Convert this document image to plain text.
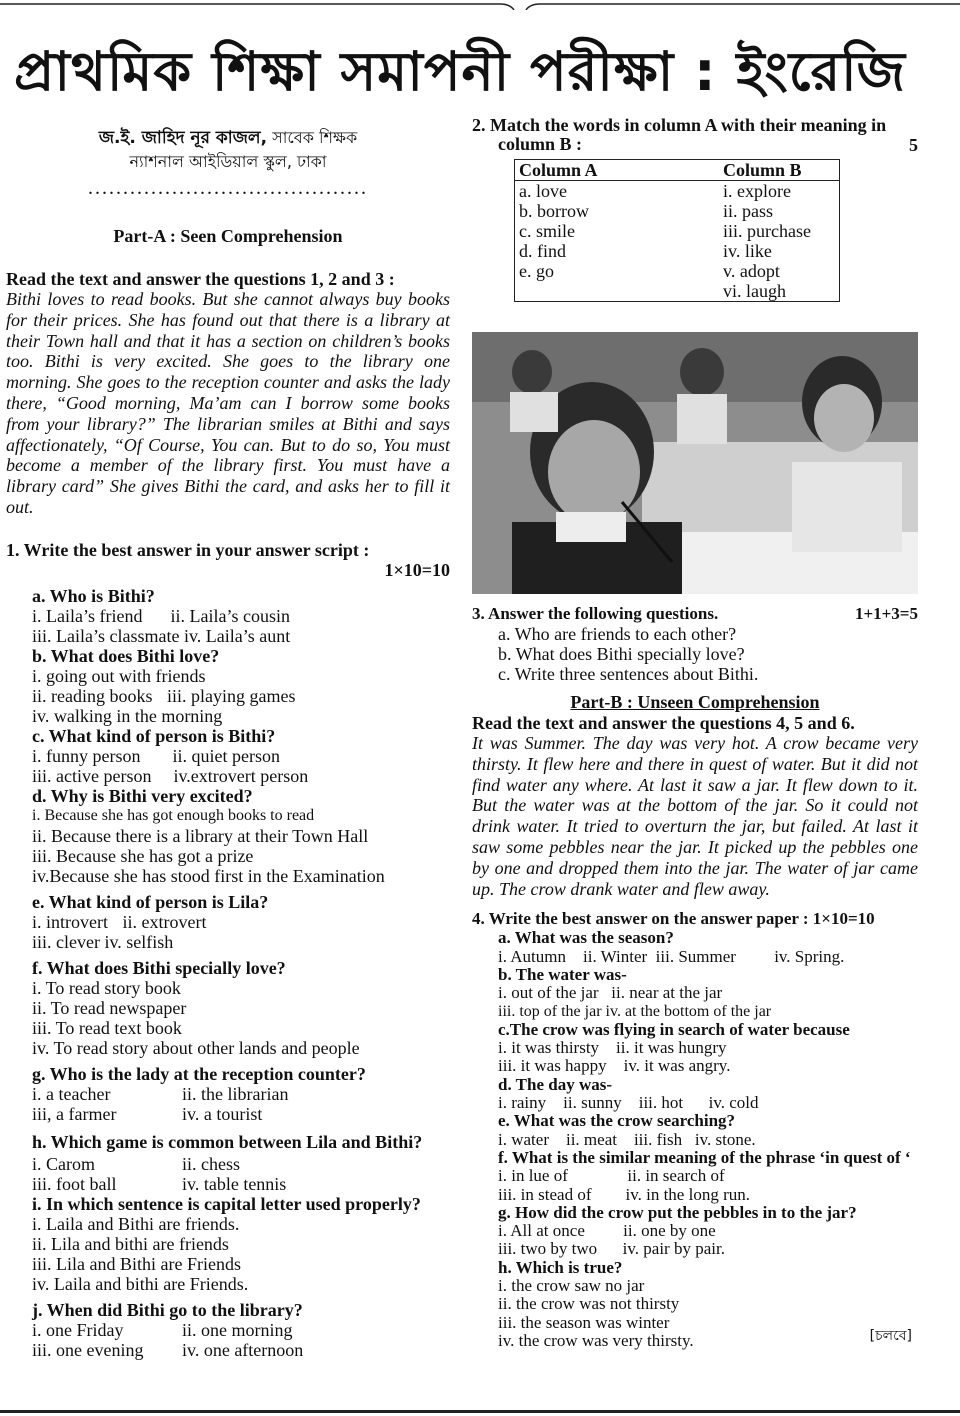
প্রাথমিক শিক্ষা সমাপনী পরীক্ষা : ইংরেজি
জ.ই. জাহিদ নূর কাজল, সাবেক শিক্ষক
ন্যাশনাল আইডিয়াল স্কুল, ঢাকা
........................................
Part-A : Seen Comprehension
Read the text and answer the questions 1, 2 and 3 :
Bithi loves to read books. But she cannot always buy books for their prices. She has found out that there is a library at their Town hall and that it has a section on children’s books too. Bithi is very excited. She goes to the library one morning. She goes to the reception counter and asks the lady there, “Good morning, Ma’am can I borrow some books from your library?” The librarian smiles at Bithi and says affectionately, “Of Course, You can. But to do so, You must become a member of the library first. You must have a library card” She gives Bithi the card, and asks her to fill it out.
1. Write the best answer in your answer script :
1×10=10
a. Who is Bithi?
i. Laila’s friend ii. Laila’s cousin
iii. Laila’s classmate iv. Laila’s aunt
b. What does Bithi love?
i. going out with friends
ii. reading books iii. playing games
iv. walking in the morning
c. What kind of person is Bithi?
i. funny person ii. quiet person
iii. active person iv.extrovert person
d. Why is Bithi very excited?
i. Because she has got enough books to read
ii. Because there is a library at their Town Hall
iii. Because she has got a prize
iv.Because she has stood first in the Examination
e. What kind of person is Lila?
i. introvert ii. extrovert
iii. clever iv. selfish
f. What does Bithi specially love?
i. To read story book
ii. To read newspaper
iii. To read text book
iv. To read story about other lands and people
g. Who is the lady at the reception counter?
i. a teacher	ii. the librarian
iii, a farmer	iv. a tourist
h. Which game is common between Lila and Bithi?
i. Carom	ii. chess
iii. foot ball	iv. table tennis
i. In which sentence is capital letter used properly?
i. Laila and Bithi are friends.
ii. Lila and bithi are friends
iii. Lila and Bithi are Friends
iv. Laila and bithi are Friends.
j. When did Bithi go to the library?
i. one Friday	ii. one morning
iii. one evening iv. one afternoon
2. Match the words in column A with their meaning in column B :	5
Column A	Column B
a. love	i. explore
b. borrow	ii. pass
c. smile	iii. purchase
d. find	iv. like
e. go	v. adopt
	vi. laugh
3. Answer the following questions.	1+1+3=5
a. Who are friends to each other?
b. What does Bithi specially love?
c. Write three sentences about Bithi.
Part-B : Unseen Comprehension
Read the text and answer the questions 4, 5 and 6.
It was Summer. The day was very hot. A crow became very thirsty. It flew here and there in quest of water. But it did not find water any where. At last it saw a jar. It flew down to it. But the water was at the bottom of the jar. So it could not drink water. It tried to overturn the jar, but failed. At last it saw some pebbles near the jar. It picked up the pebbles one by one and dropped them into the jar. The water of jar came up. The crow drank water and flew away.
4. Write the best answer on the answer paper : 1×10=10
a. What was the season?
i. Autumn    ii. Winter  iii. Summer         iv. Spring.
b. The water was-
i. out of the jar   ii. near at the jar
iii. top of the jar iv. at the bottom of the jar
c.The crow was flying in search of water because
i. it was thirsty    ii. it was hungry
iii. it was happy    iv. it was angry.
d. The day was-
i. rainy    ii. sunny    iii. hot      iv. cold
e. What was the crow searching?
i. water    ii. meat    iii. fish   iv. stone.
f. What is the similar meaning of the phrase ‘in quest of ‘
i. in lue of              ii. in search of
iii. in stead of        iv. in the long run.
g. How did the crow put the pebbles in to the jar?
i. All at once         ii. one by one
iii. two by two      iv. pair by pair.
h. Which is true?
i. the crow saw no jar
ii. the crow was not thirsty
iii. the season was winter
iv. the crow was very thirsty.	[চলবে]
